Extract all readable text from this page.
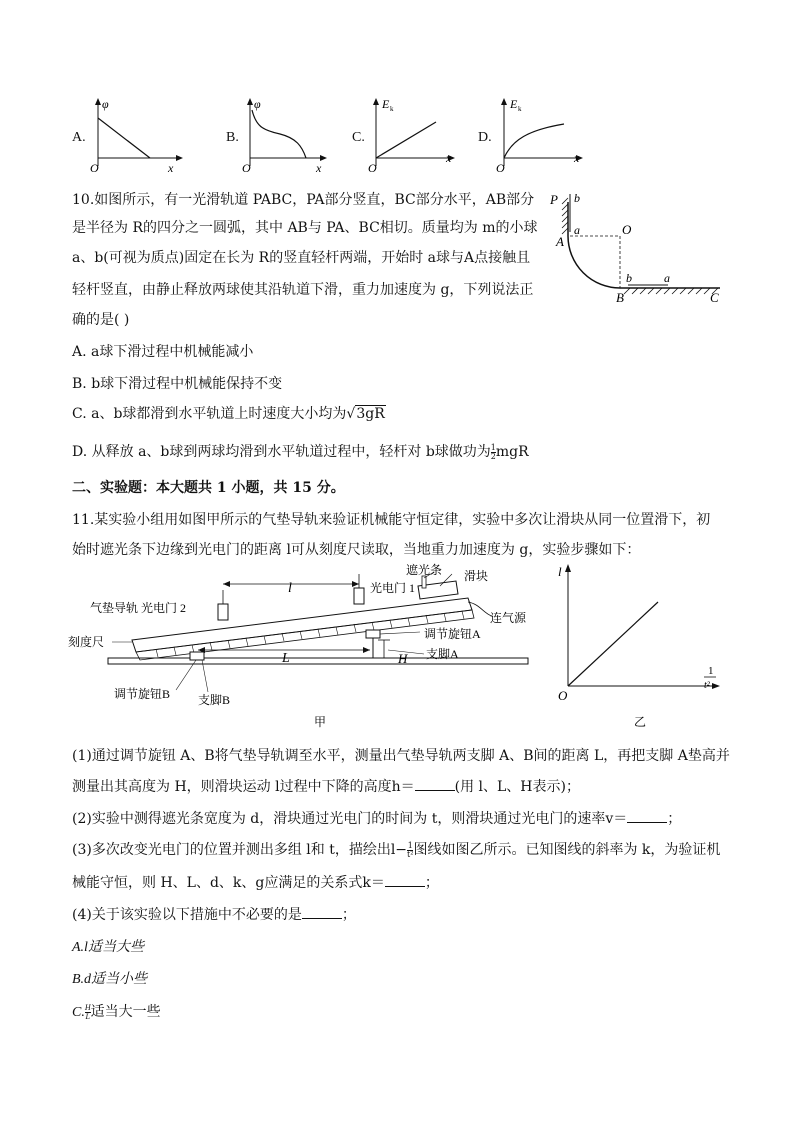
A.
φ
O	x
B.
φ
O	x
C.
E k
O
x
D.
E k
O
x
10.如图所示，有一光滑轨道 PABC，PA部分竖直，BC部分水平，AB部分
是半径为 R的四分之一圆弧，其中 AB与 PA、BC相切。质量均为 m的小球
a、b(可视为质点)固定在长为 R的竖直轻杆两端，开始时 a球与A点接触且
轻杆竖直，由静止释放两球使其沿轨道下滑，重力加速度为 g，下列说法正
确的是( )
A. a球下滑过程中机械能减小
B. b球下滑过程中机械能保持不变
C. a、b球都滑到水平轨道上时速度大小均为√3gR
D. 从释放 a、b球到两球均滑到水平轨道过程中，轻杆对 b球做功为 $\frac{1}{2}$ mgR
P b
A
a	O
b	a
B	C
二、实验题：本大题共 1 小题，共 15 分。
11.某实验小组用如图甲所示的气垫导轨来验证机械能守恒定律，实验中多次让滑块从同一位置滑下，初
始时遮光条下边缘到光电门的距离 l可从刻度尺读取，当地重力加速度为 g，实验步骤如下：
l	光电门 1
遮光条 滑块
气垫导轨 光电门 2
连气源
调节旋钮A
刻度尺
L	H 支脚A
调节旋钮B 支脚B
甲
l
1
t²
O
乙
(1)通过调节旋钮 A、B将气垫导轨调至水平，测量出气垫导轨两支脚 A、B间的距离 L，再把支脚 A垫高并
测量出其高度为 H，则滑块运动 l过程中下降的高度h＝	(用 l、L、H表示)；
(2)实验中测得遮光条宽度为 d，滑块通过光电门的时间为 t，则滑块通过光电门的速率v＝	；
(3)多次改变光电门的位置并测出多组 l和 t，描绘出$l- \frac{1}{\text{t²}}$ 图线如图乙所示。已知图线的斜率为 k，为验证机
械能守恒，则 H、L、d、k、g应满足的关系式k＝	；
(4)关于该实验以下措施中不必要的是	；
A.l适当大些
B.d适当小些
C. $\frac{H}{L}$ 适当大一些
